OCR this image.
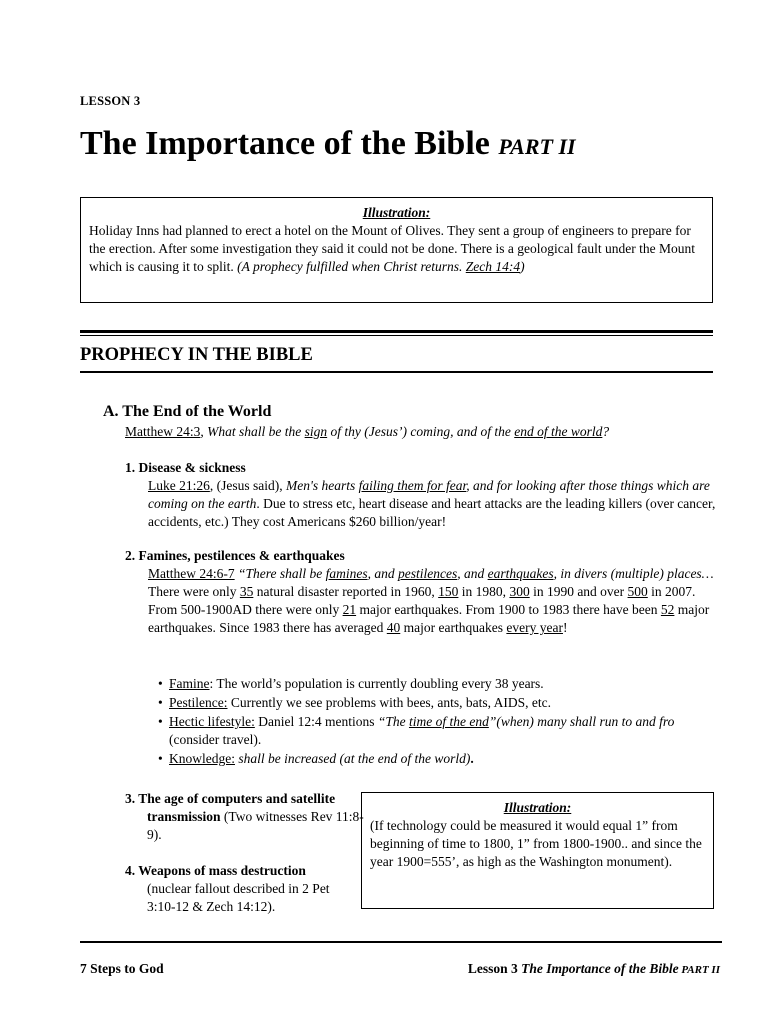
LESSON 3
The Importance of the Bible PART II
Illustration:
Holiday Inns had planned to erect a hotel on the Mount of Olives. They sent a group of engineers to prepare for the erection. After some investigation they said it could not be done. There is a geological fault under the Mount which is causing it to split. (A prophecy fulfilled when Christ returns. Zech 14:4)
PROPHECY IN THE BIBLE
A. The End of the World
Matthew 24:3, What shall be the sign of thy (Jesus’) coming, and of the end of the world?
1. Disease & sickness
Luke 21:26, (Jesus said), Men's hearts failing them for fear, and for looking after those things which are coming on the earth. Due to stress etc, heart disease and heart attacks are the leading killers (over cancer, accidents, etc.) They cost Americans $260 billion/year!
2. Famines, pestilences & earthquakes
Matthew 24:6-7 “There shall be famines, and pestilences, and earthquakes, in divers (multiple) places… There were only 35 natural disaster reported in 1960, 150 in 1980, 300 in 1990 and over 500 in 2007. From 500-1900AD there were only 21 major earthquakes. From 1900 to 1983 there have been 52 major earthquakes. Since 1983 there has averaged 40 major earthquakes every year!
• Famine: The world’s population is currently doubling every 38 years.
• Pestilence: Currently we see problems with bees, ants, bats, AIDS, etc.
• Hectic lifestyle: Daniel 12:4 mentions “The time of the end”(when) many shall run to and fro (consider travel).
• Knowledge: shall be increased (at the end of the world).
3. The age of computers and satellite transmission (Two witnesses Rev 11:8-9).
4. Weapons of mass destruction
(nuclear fallout described in 2 Pet 3:10-12 & Zech 14:12).
Illustration:
(If technology could be measured it would equal 1” from beginning of time to 1800, 1” from 1800-1900.. and since the year 1900=555’, as high as the Washington monument).
7 Steps to God	Lesson 3 The Importance of the Bible PART II
